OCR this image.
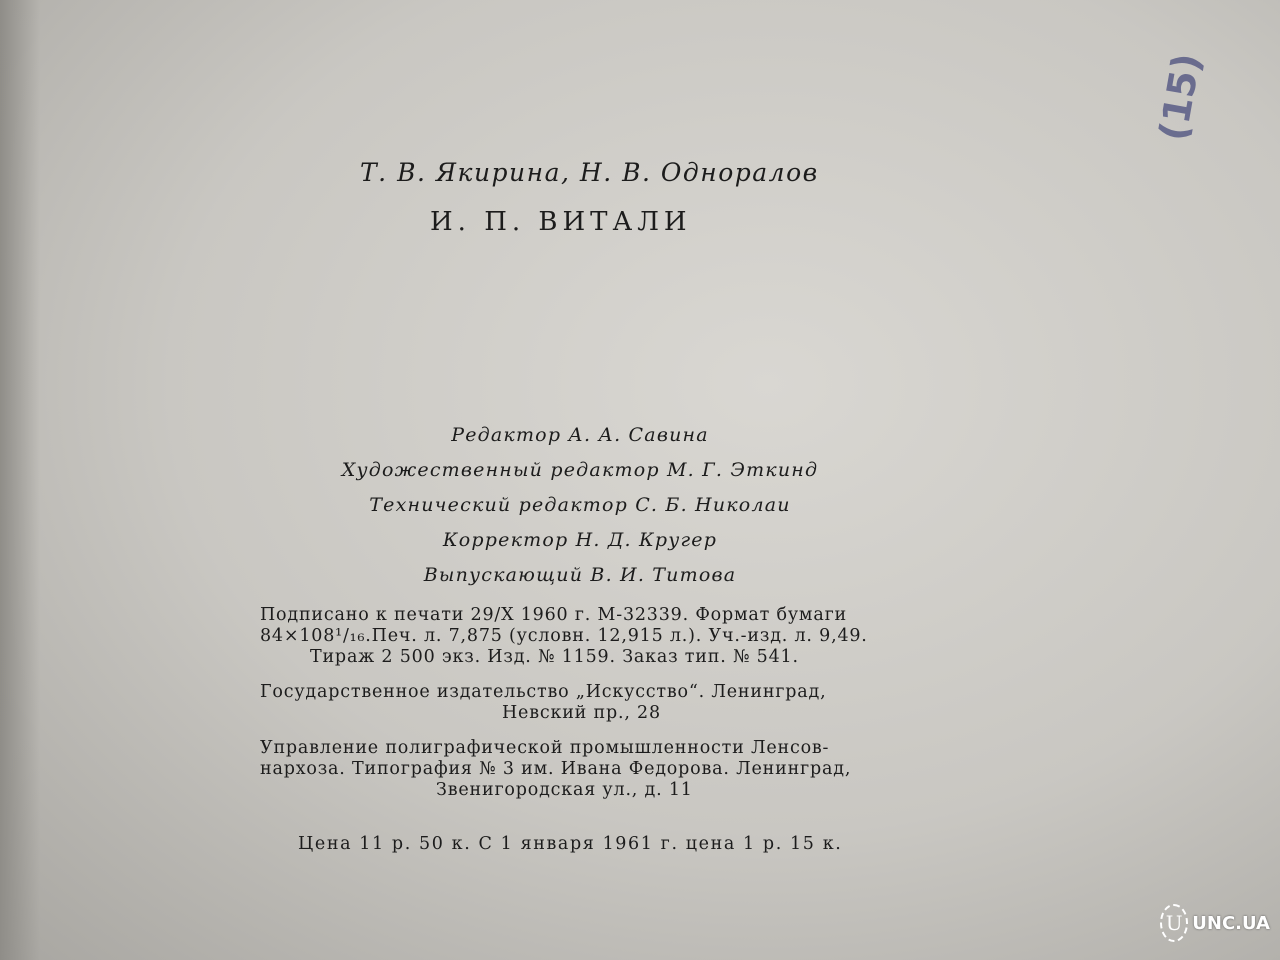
(15)
Т. В. Якирина, Н. В. Одноралов
И. П. ВИТАЛИ
Редактор А. А. Савина
Художественный редактор М. Г. Эткинд
Технический редактор С. Б. Николаи
Корректор Н. Д. Кругер
Выпускающий В. И. Титова
Подписано к печати 29/X 1960 г. М-32339. Формат бумаги
84×108¹/₁₆.Печ. л. 7,875 (условн. 12,915 л.). Уч.-изд. л. 9,49.
Тираж 2 500 экз. Изд. № 1159. Заказ тип. № 541.
Государственное издательство „Искусство“. Ленинград,
Невский пр., 28
Управление полиграфической промышленности Ленсов-
нархоза. Типография № 3 им. Ивана Федорова. Ленинград,
Звенигородская ул., д. 11
Цена 11 р. 50 к. С 1 января 1961 г. цена 1 р. 15 к.
U UNC.UA
